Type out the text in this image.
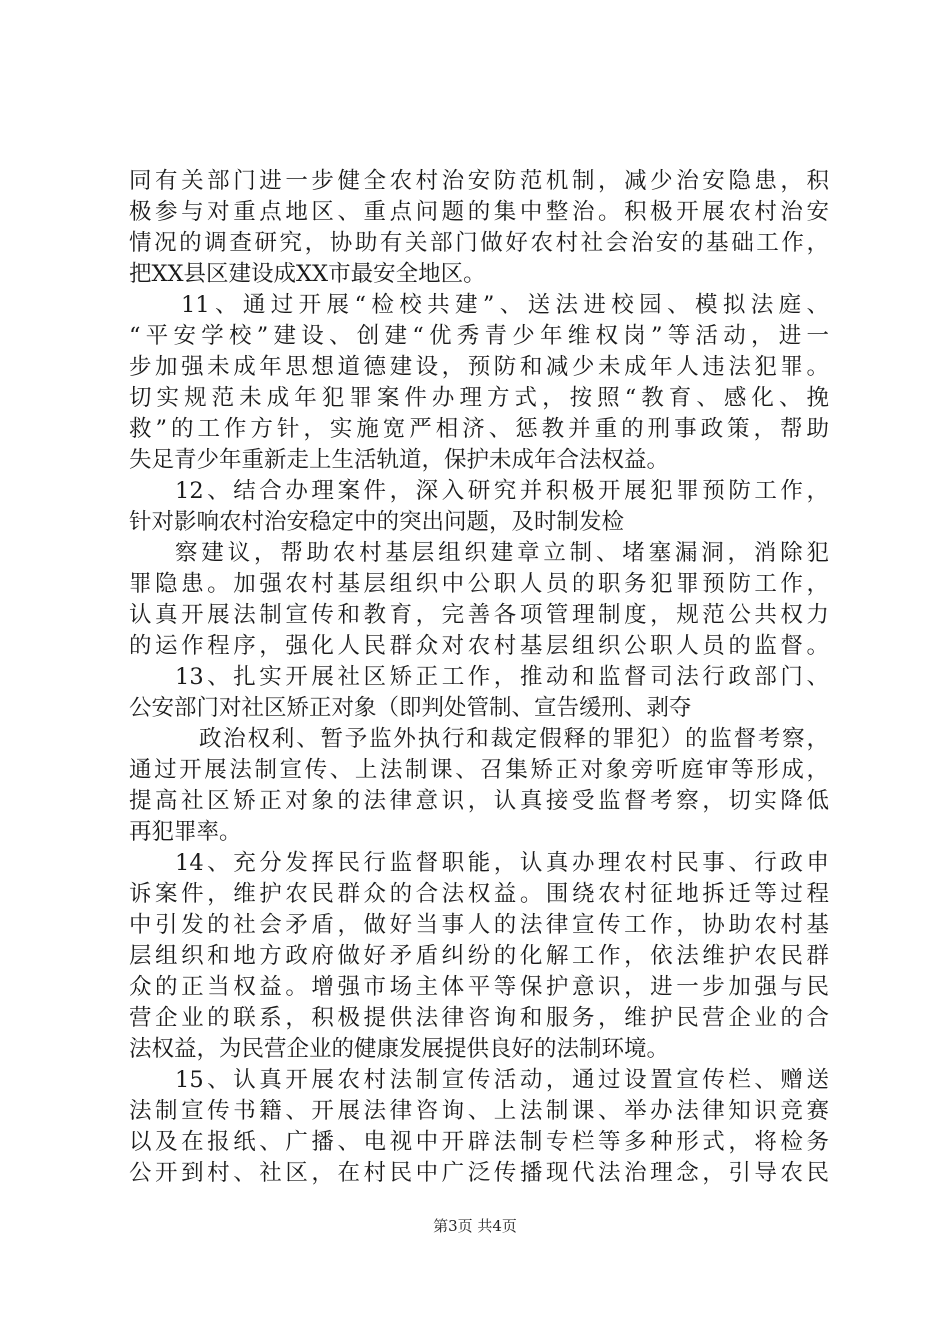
同有关部门进一步健全农村治安防范机制，减少治安隐患，积
极参与对重点地区、重点问题的集中整治。积极开展农村治安
情况的调查研究，协助有关部门做好农村社会治安的基础工作，
把XX县区建设成XX市最安全地区。
11、通过开展“检校共建”、送法进校园、模拟法庭、
“平安学校”建设、创建“优秀青少年维权岗”等活动，进一
步加强未成年思想道德建设，预防和减少未成年人违法犯罪。
切实规范未成年犯罪案件办理方式，按照“教育、感化、挽
救”的工作方针，实施宽严相济、惩教并重的刑事政策，帮助
失足青少年重新走上生活轨道，保护未成年合法权益。
12、结合办理案件，深入研究并积极开展犯罪预防工作，
针对影响农村治安稳定中的突出问题，及时制发检
察建议，帮助农村基层组织建章立制、堵塞漏洞，消除犯
罪隐患。加强农村基层组织中公职人员的职务犯罪预防工作，
认真开展法制宣传和教育，完善各项管理制度，规范公共权力
的运作程序，强化人民群众对农村基层组织公职人员的监督。
13、扎实开展社区矫正工作，推动和监督司法行政部门、
公安部门对社区矫正对象（即判处管制、宣告缓刑、剥夺
政治权利、暂予监外执行和裁定假释的罪犯）的监督考察，
通过开展法制宣传、上法制课、召集矫正对象旁听庭审等形成，
提高社区矫正对象的法律意识，认真接受监督考察，切实降低
再犯罪率。
14、充分发挥民行监督职能，认真办理农村民事、行政申
诉案件，维护农民群众的合法权益。围绕农村征地拆迁等过程
中引发的社会矛盾，做好当事人的法律宣传工作，协助农村基
层组织和地方政府做好矛盾纠纷的化解工作，依法维护农民群
众的正当权益。增强市场主体平等保护意识，进一步加强与民
营企业的联系，积极提供法律咨询和服务，维护民营企业的合
法权益，为民营企业的健康发展提供良好的法制环境。
15、认真开展农村法制宣传活动，通过设置宣传栏、赠送
法制宣传书籍、开展法律咨询、上法制课、举办法律知识竞赛
以及在报纸、广播、电视中开辟法制专栏等多种形式，将检务
公开到村、社区，在村民中广泛传播现代法治理念，引导农民
第3页 共4页
